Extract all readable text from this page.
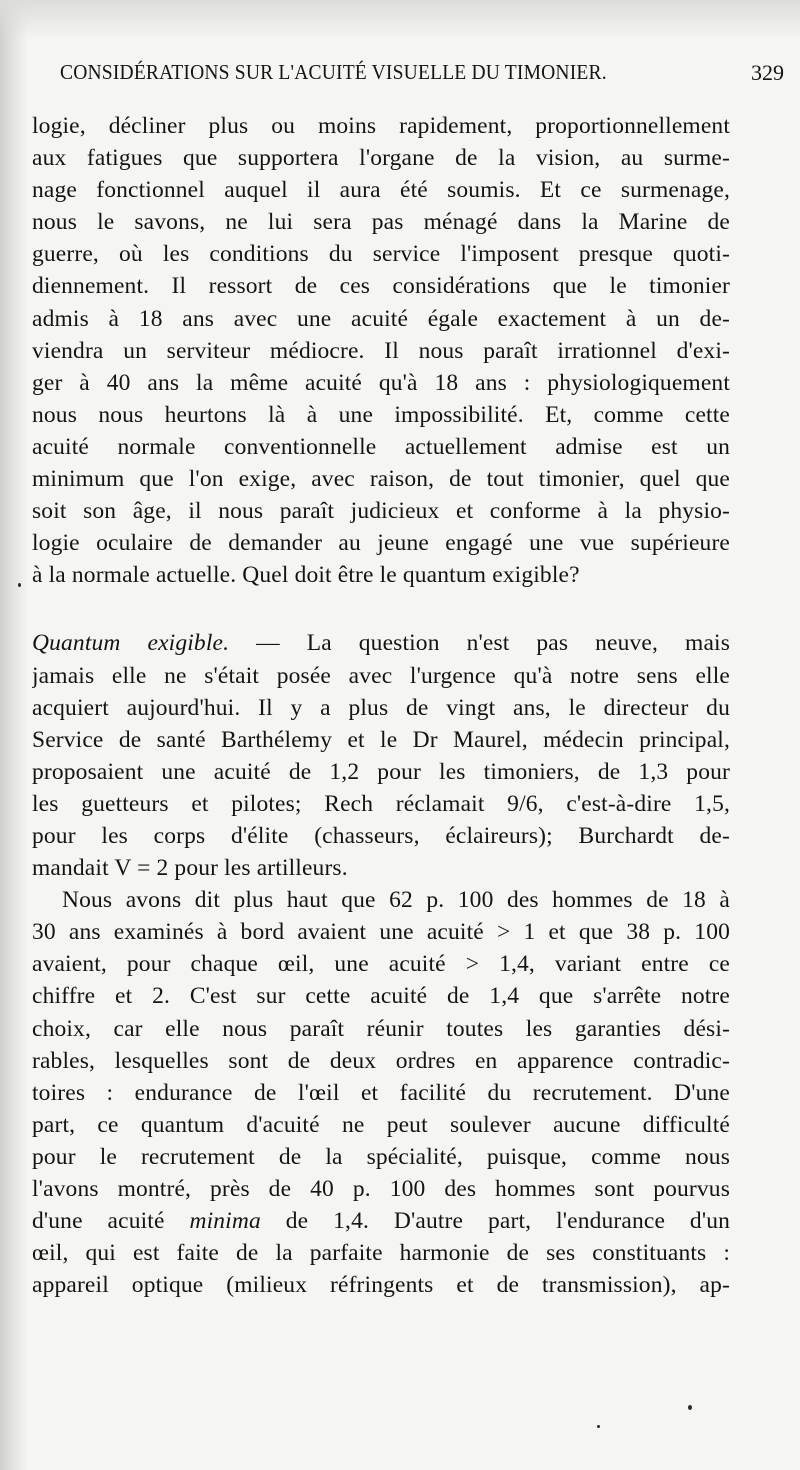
CONSIDÉRATIONS SUR L'ACUITÉ VISUELLE DU TIMONIER.	329
logie, décliner plus ou moins rapidement, proportionnellement
aux fatigues que supportera l'organe de la vision, au surme-
nage fonctionnel auquel il aura été soumis. Et ce surmenage,
nous le savons, ne lui sera pas ménagé dans la Marine de
guerre, où les conditions du service l'imposent presque quoti-
diennement. Il ressort de ces considérations que le timonier
admis à 18 ans avec une acuité égale exactement à un de-
viendra un serviteur médiocre. Il nous paraît irrationnel d'exi-
ger à 40 ans la même acuité qu'à 18 ans : physiologiquement
nous nous heurtons là à une impossibilité. Et, comme cette
acuité normale conventionnelle actuellement admise est un
minimum que l'on exige, avec raison, de tout timonier, quel que
soit son âge, il nous paraît judicieux et conforme à la physio-
logie oculaire de demander au jeune engagé une vue supérieure
à la normale actuelle. Quel doit être le quantum exigible?
Quantum exigible. — La question n'est pas neuve, mais
jamais elle ne s'était posée avec l'urgence qu'à notre sens elle
acquiert aujourd'hui. Il y a plus de vingt ans, le directeur du
Service de santé Barthélemy et le Dr Maurel, médecin principal,
proposaient une acuité de 1,2 pour les timoniers, de 1,3 pour
les guetteurs et pilotes; Rech réclamait 9/6, c'est-à-dire 1,5,
pour les corps d'élite (chasseurs, éclaireurs); Burchardt de-
mandait V = 2 pour les artilleurs.
Nous avons dit plus haut que 62 p. 100 des hommes de 18 à
30 ans examinés à bord avaient une acuité > 1 et que 38 p. 100
avaient, pour chaque œil, une acuité > 1,4, variant entre ce
chiffre et 2. C'est sur cette acuité de 1,4 que s'arrête notre
choix, car elle nous paraît réunir toutes les garanties dési-
rables, lesquelles sont de deux ordres en apparence contradic-
toires : endurance de l'œil et facilité du recrutement. D'une
part, ce quantum d'acuité ne peut soulever aucune difficulté
pour le recrutement de la spécialité, puisque, comme nous
l'avons montré, près de 40 p. 100 des hommes sont pourvus
d'une acuité minima de 1,4. D'autre part, l'endurance d'un
œil, qui est faite de la parfaite harmonie de ses constituants :
appareil optique (milieux réfringents et de transmission), ap-
